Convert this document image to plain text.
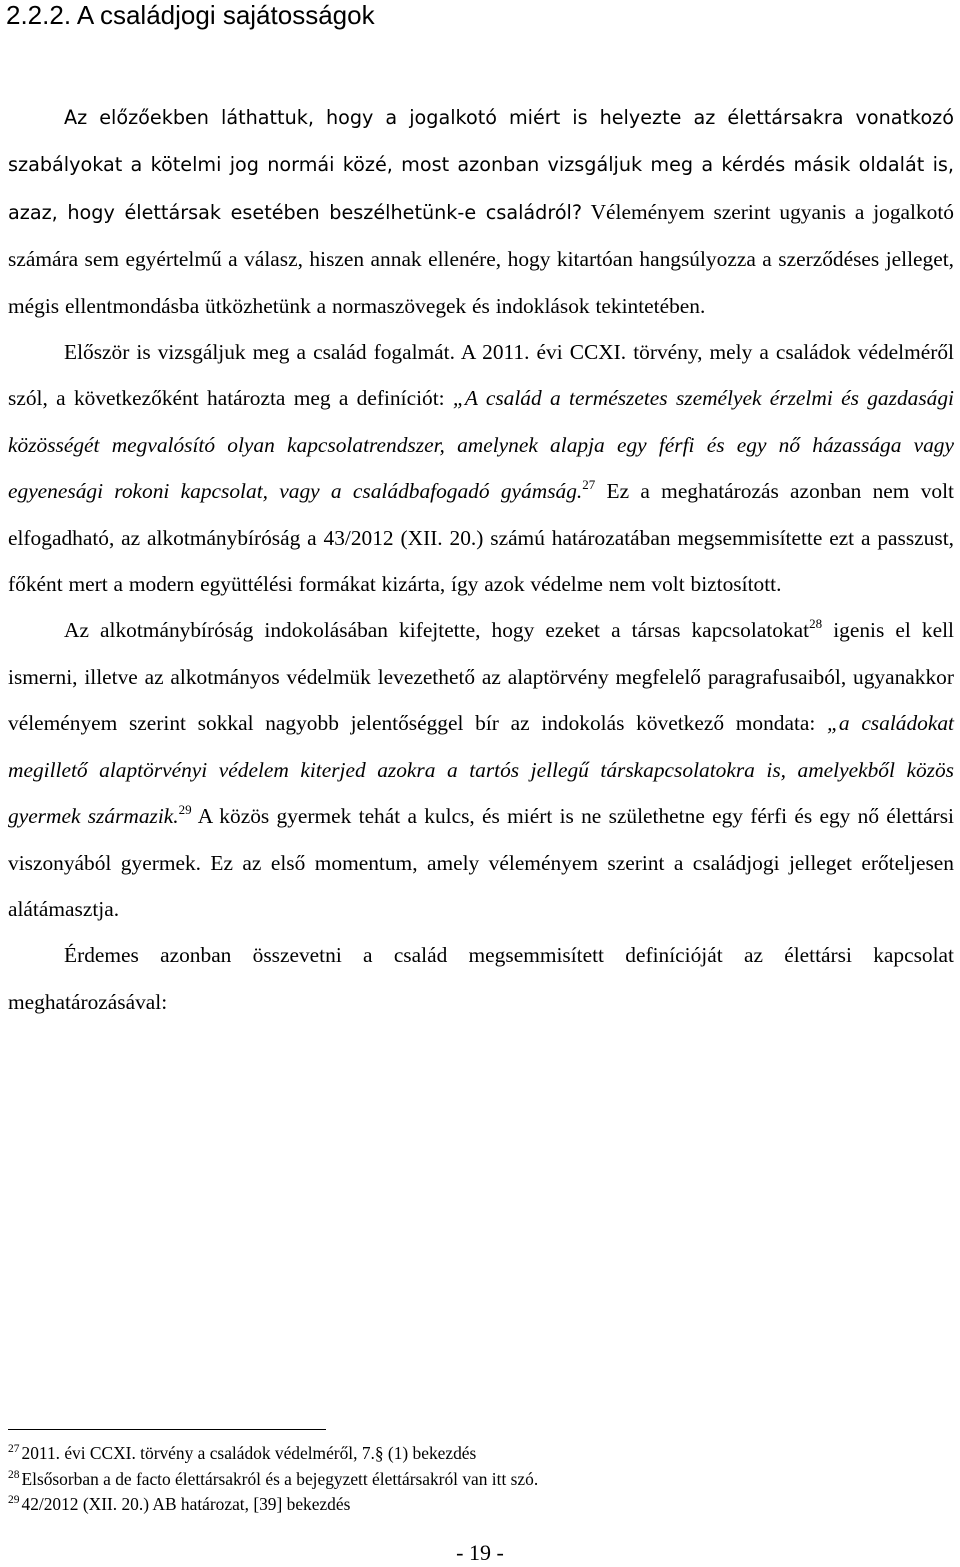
2.2.2. A családjogi sajátosságok

Az előzőekben láthattuk, hogy a jogalkotó miért is helyezte az élettársakra vonatkozó szabályokat a kötelmi jog normái közé, most azonban vizsgáljuk meg a kérdés másik oldalát is, azaz, hogy élettársak esetében beszélhetünk-e családról? Véleményem szerint ugyanis a jogalkotó számára sem egyértelmű a válasz, hiszen annak ellenére, hogy kitartóan hangsúlyozza a szerződéses jelleget, mégis ellentmondásba ütközhetünk a normaszövegek és indoklások tekintetében.

Először is vizsgáljuk meg a család fogalmát. A 2011. évi CCXI. törvény, mely a családok védelméről szól, a következőként határozta meg a definíciót: „A család a természetes személyek érzelmi és gazdasági közösségét megvalósító olyan kapcsolatrendszer, amelynek alapja egy férfi és egy nő házassága vagy egyenesági rokoni kapcsolat, vagy a családbafogadó gyámság.$^{27}$ Ez a meghatározás azonban nem volt elfogadható, az alkotmánybíróság a 43/2012 (XII. 20.) számú határozatában megsemmisítette ezt a passzust, főként mert a modern együttélési formákat kizárta, így azok védelme nem volt biztosított.

Az alkotmánybíróság indokolásában kifejtette, hogy ezeket a társas kapcsolatokat$^{28}$ igenis el kell ismerni, illetve az alkotmányos védelmük levezethető az alaptörvény megfelelő paragrafusaiból, ugyanakkor véleményem szerint sokkal nagyobb jelentőséggel bír az indokolás következő mondata: „a családokat megillető alaptörvényi védelem kiterjed azokra a tartós jellegű társkapcsolatokra is, amelyekből közös gyermek származik.$^{29}$ A közös gyermek tehát a kulcs, és miért is ne születhetne egy férfi és egy nő élettársi viszonyából gyermek. Ez az első momentum, amely véleményem szerint a családjogi jelleget erőteljesen alátámasztja.

Érdemes azonban összevetni a család megsemmisített definícióját az élettársi kapcsolat meghatározásával:

$^{27}$ 2011. évi CCXI. törvény a családok védelméről, 7.§ (1) bekezdés
$^{28}$ Elsősorban a de facto élettársakról és a bejegyzett élettársakról van itt szó.
$^{29}$ 42/2012 (XII. 20.) AB határozat, [39] bekezdés
- 19 -
